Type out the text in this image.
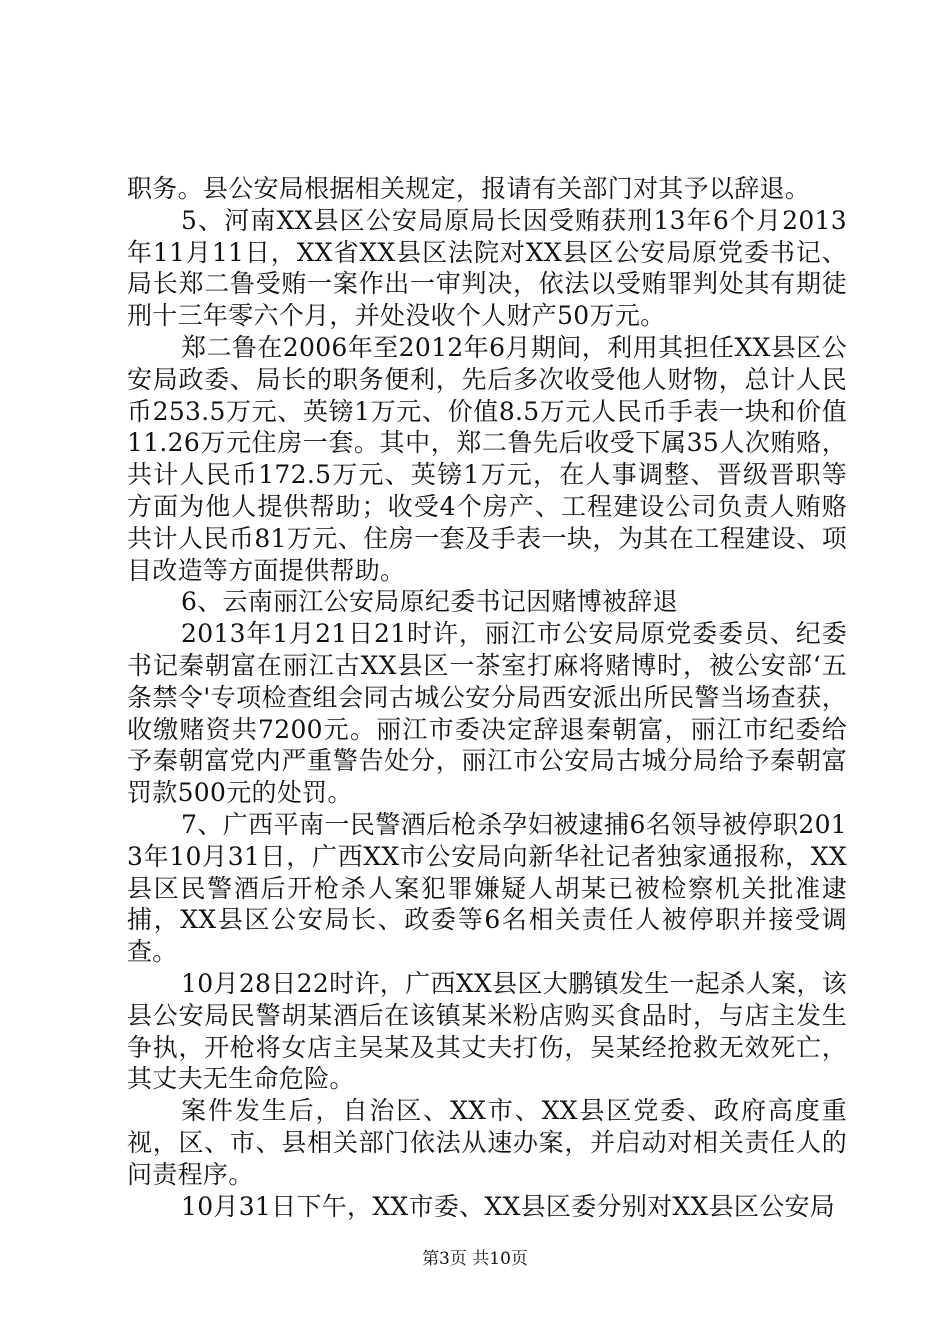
职务。县公安局根据相关规定，报请有关部门对其予以辞退。

5、河南XX县区公安局原局长因受贿获刑13年6个月2013年11月11日，XX省XX县区法院对XX县区公安局原党委书记、局长郑二鲁受贿一案作出一审判决，依法以受贿罪判处其有期徒刑十三年零六个月，并处没收个人财产50万元。

郑二鲁在2006年至2012年6月期间，利用其担任XX县区公安局政委、局长的职务便利，先后多次收受他人财物，总计人民币253.5万元、英镑1万元、价值8.5万元人民币手表一块和价值11.26万元住房一套。其中，郑二鲁先后收受下属35人次贿赂，共计人民币172.5万元、英镑1万元，在人事调整、晋级晋职等方面为他人提供帮助；收受4个房产、工程建设公司负责人贿赂共计人民币81万元、住房一套及手表一块，为其在工程建设、项目改造等方面提供帮助。

6、云南丽江公安局原纪委书记因赌博被辞退

2013年1月21日21时许，丽江市公安局原党委委员、纪委书记秦朝富在丽江古XX县区一茶室打麻将赌博时，被公安部‘五条禁令'专项检查组会同古城公安分局西安派出所民警当场查获，收缴赌资共7200元。丽江市委决定辞退秦朝富，丽江市纪委给予秦朝富党内严重警告处分，丽江市公安局古城分局给予秦朝富罚款500元的处罚。

7、广西平南一民警酒后枪杀孕妇被逮捕6名领导被停职2013年10月31日，广西XX市公安局向新华社记者独家通报称，XX县区民警酒后开枪杀人案犯罪嫌疑人胡某已被检察机关批准逮捕，XX县区公安局长、政委等6名相关责任人被停职并接受调查。

10月28日22时许，广西XX县区大鹏镇发生一起杀人案，该县公安局民警胡某酒后在该镇某米粉店购买食品时，与店主发生争执，开枪将女店主吴某及其丈夫打伤，吴某经抢救无效死亡，其丈夫无生命危险。

案件发生后，自治区、XX市、XX县区党委、政府高度重视，区、市、县相关部门依法从速办案，并启动对相关责任人的问责程序。

10月31日下午，XX市委、XX县区委分别对XX县区公安局

第3页 共10页
